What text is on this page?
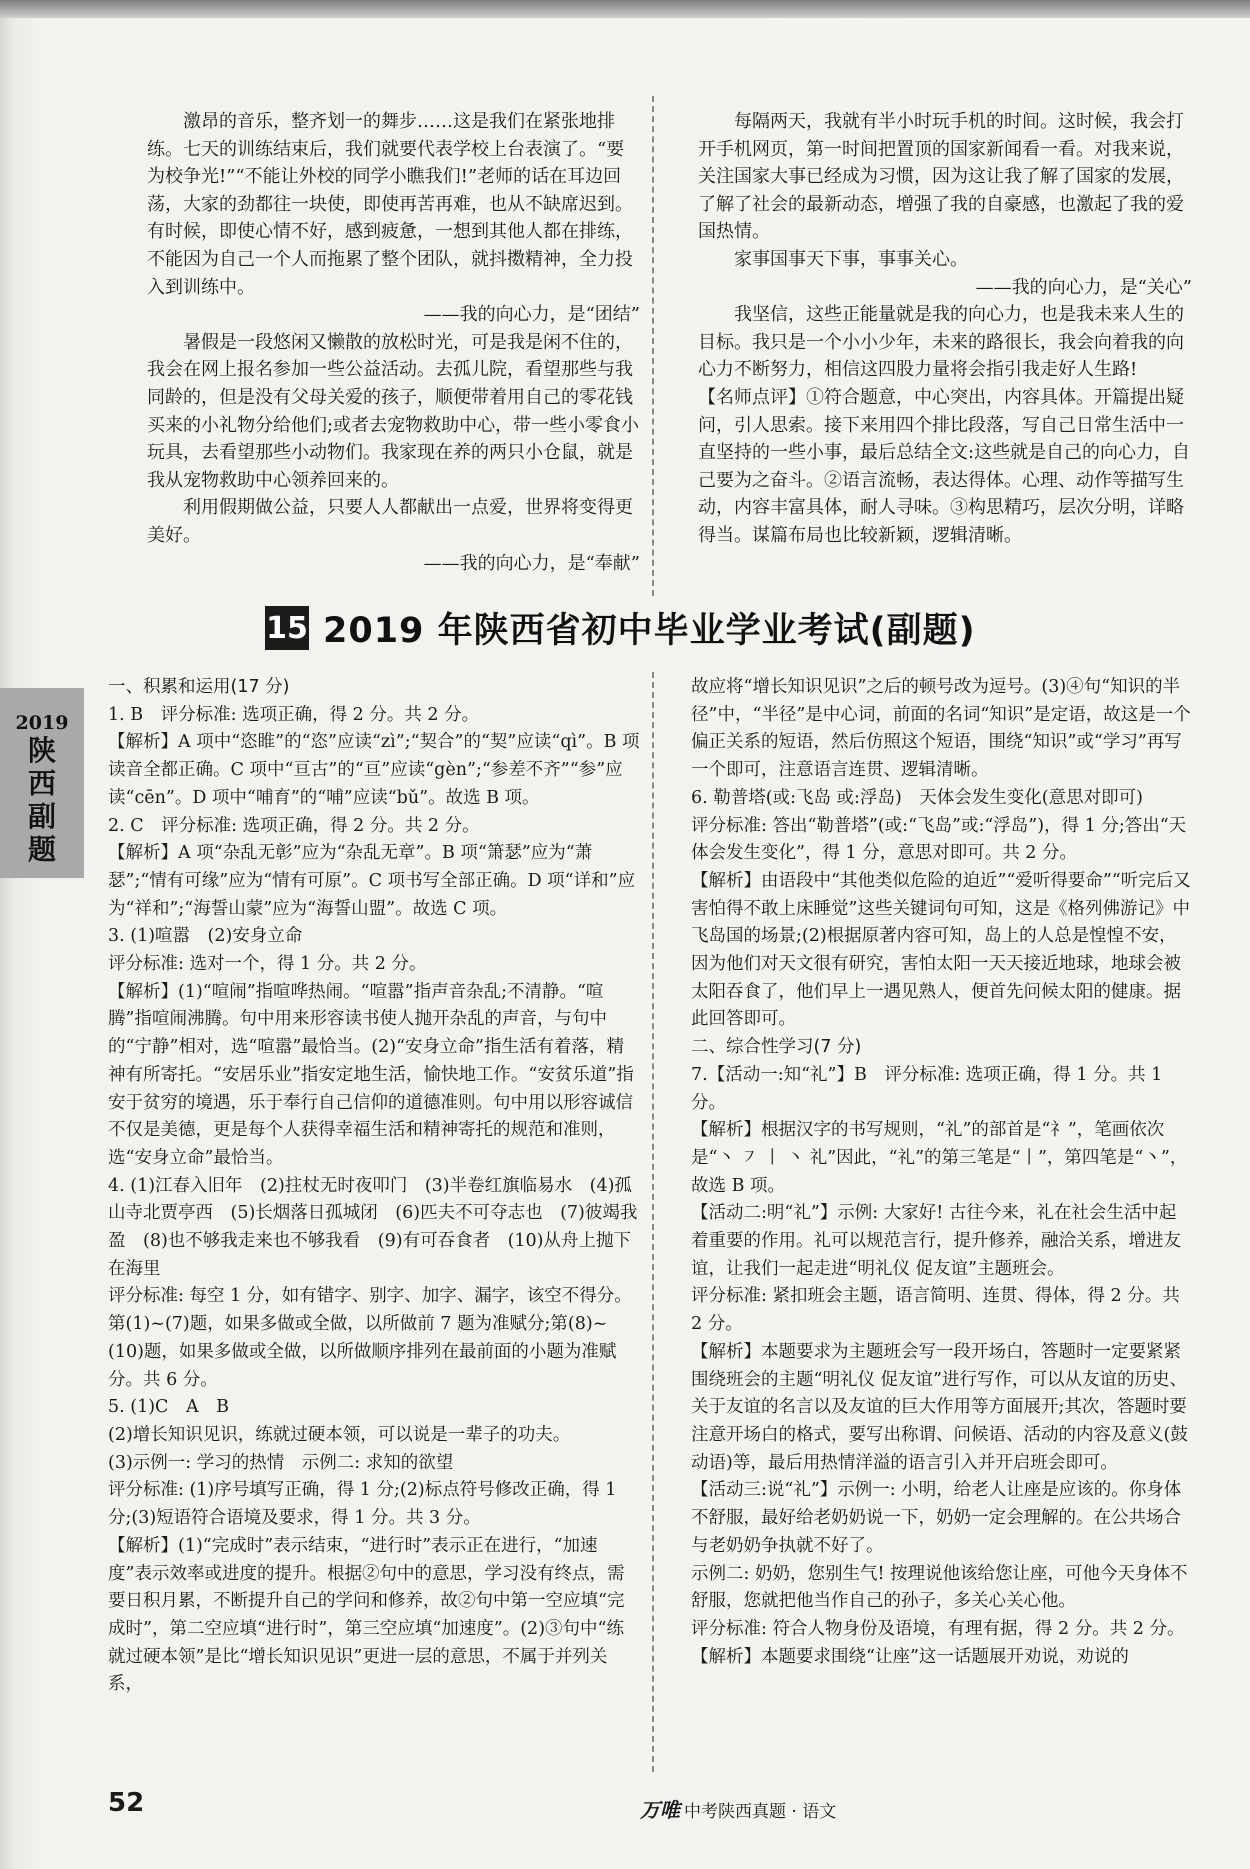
2019
陕西副题

激昂的音乐，整齐划一的舞步……这是我们在紧张地排练。七天的训练结束后，我们就要代表学校上台表演了。“要为校争光!”“不能让外校的同学小瞧我们!”老师的话在耳边回荡，大家的劲都往一块使，即使再苦再难，也从不缺席迟到。有时候，即使心情不好，感到疲惫，一想到其他人都在排练，不能因为自己一个人而拖累了整个团队，就抖擞精神，全力投入到训练中。

——我的向心力，是“团结”

暑假是一段悠闲又懒散的放松时光，可是我是闲不住的，我会在网上报名参加一些公益活动。去孤儿院，看望那些与我同龄的，但是没有父母关爱的孩子，顺便带着用自己的零花钱买来的小礼物分给他们;或者去宠物救助中心，带一些小零食小玩具，去看望那些小动物们。我家现在养的两只小仓鼠，就是我从宠物救助中心领养回来的。

利用假期做公益，只要人人都献出一点爱，世界将变得更美好。

——我的向心力，是“奉献”

每隔两天，我就有半小时玩手机的时间。这时候，我会打开手机网页，第一时间把置顶的国家新闻看一看。对我来说，关注国家大事已经成为习惯，因为这让我了解了国家的发展，了解了社会的最新动态，增强了我的自豪感，也激起了我的爱国热情。

家事国事天下事，事事关心。

——我的向心力，是“关心”

我坚信，这些正能量就是我的向心力，也是我未来人生的目标。我只是一个小小少年，未来的路很长，我会向着我的向心力不断努力，相信这四股力量将会指引我走好人生路!

【名师点评】①符合题意，中心突出，内容具体。开篇提出疑问，引人思索。接下来用四个排比段落，写自己日常生活中一直坚持的一些小事，最后总结全文:这些就是自己的向心力，自己要为之奋斗。②语言流畅，表达得体。心理、动作等描写生动，内容丰富具体，耐人寻味。③构思精巧，层次分明，详略得当。谋篇布局也比较新颖，逻辑清晰。

15 2019 年陕西省初中毕业学业考试(副题)

一、积累和运用(17 分)

1. B　评分标准: 选项正确，得 2 分。共 2 分。

【解析】A 项中“恣睢”的“恣”应读“zì”;“契合”的“契”应读“qì”。B 项读音全都正确。C 项中“亘古”的“亘”应读“gèn”;“参差不齐”“参”应读“cēn”。D 项中“哺育”的“哺”应读“bǔ”。故选 B 项。

2. C　评分标准: 选项正确，得 2 分。共 2 分。

【解析】A 项“杂乱无彰”应为“杂乱无章”。B 项“箫瑟”应为“萧瑟”;“情有可缘”应为“情有可原”。C 项书写全部正确。D 项“详和”应为“祥和”;“海誓山蒙”应为“海誓山盟”。故选 C 项。

3. (1)喧嚣　(2)安身立命

评分标准: 选对一个，得 1 分。共 2 分。

【解析】(1)“喧闹”指喧哗热闹。“喧嚣”指声音杂乱;不清静。“喧腾”指喧闹沸腾。句中用来形容读书使人抛开杂乱的声音，与句中的“宁静”相对，选“喧嚣”最恰当。(2)“安身立命”指生活有着落，精神有所寄托。“安居乐业”指安定地生活，愉快地工作。“安贫乐道”指安于贫穷的境遇，乐于奉行自己信仰的道德准则。句中用以形容诚信不仅是美德，更是每个人获得幸福生活和精神寄托的规范和准则，选“安身立命”最恰当。

4. (1)江春入旧年　(2)拄杖无时夜叩门　(3)半卷红旗临易水　(4)孤山寺北贾亭西　(5)长烟落日孤城闭　(6)匹夫不可夺志也　(7)彼竭我盈　(8)也不够我走来也不够我看　(9)有可吞食者　(10)从舟上抛下在海里

评分标准: 每空 1 分，如有错字、别字、加字、漏字，该空不得分。第(1)~(7)题，如果多做或全做，以所做前 7 题为准赋分;第(8)~(10)题，如果多做或全做，以所做顺序排列在最前面的小题为准赋分。共 6 分。

5. (1)C　A　B

(2)增长知识见识，练就过硬本领，可以说是一辈子的功夫。

(3)示例一: 学习的热情　示例二: 求知的欲望

评分标准: (1)序号填写正确，得 1 分;(2)标点符号修改正确，得 1 分;(3)短语符合语境及要求，得 1 分。共 3 分。

【解析】(1)“完成时”表示结束，“进行时”表示正在进行，“加速度”表示效率或进度的提升。根据②句中的意思，学习没有终点，需要日积月累，不断提升自己的学问和修养，故②句中第一空应填“完成时”，第二空应填“进行时”，第三空应填“加速度”。(2)③句中“练就过硬本领”是比“增长知识见识”更进一层的意思，不属于并列关系，

故应将“增长知识见识”之后的顿号改为逗号。(3)④句“知识的半径”中，“半径”是中心词，前面的名词“知识”是定语，故这是一个偏正关系的短语，然后仿照这个短语，围绕“知识”或“学习”再写一个即可，注意语言连贯、逻辑清晰。

6. 勒普塔(或:飞岛 或:浮岛)　天体会发生变化(意思对即可)

评分标准: 答出“勒普塔”(或:“飞岛”或:“浮岛”)，得 1 分;答出“天体会发生变化”，得 1 分，意思对即可。共 2 分。

【解析】由语段中“其他类似危险的迫近”“爱听得要命”“听完后又害怕得不敢上床睡觉”这些关键词句可知，这是《格列佛游记》中飞岛国的场景;(2)根据原著内容可知，岛上的人总是惶惶不安，因为他们对天文很有研究，害怕太阳一天天接近地球，地球会被太阳吞食了，他们早上一遇见熟人，便首先问候太阳的健康。据此回答即可。

二、综合性学习(7 分)

7.【活动一:知“礼”】B　评分标准: 选项正确，得 1 分。共 1 分。

【解析】根据汉字的书写规则，“礼”的部首是“礻”，笔画依次是“丶 ㇇ 丨 丶 礼”因此，“礼”的第三笔是“丨”，第四笔是“丶”，故选 B 项。

【活动二:明“礼”】示例: 大家好! 古往今来，礼在社会生活中起着重要的作用。礼可以规范言行，提升修养，融洽关系，增进友谊，让我们一起走进“明礼仪 促友谊”主题班会。

评分标准: 紧扣班会主题，语言简明、连贯、得体，得 2 分。共 2 分。

【解析】本题要求为主题班会写一段开场白，答题时一定要紧紧围绕班会的主题“明礼仪 促友谊”进行写作，可以从友谊的历史、关于友谊的名言以及友谊的巨大作用等方面展开;其次，答题时要注意开场白的格式，要写出称谓、问候语、活动的内容及意义(鼓动语)等，最后用热情洋溢的语言引入并开启班会即可。

【活动三:说“礼”】示例一: 小明，给老人让座是应该的。你身体不舒服，最好给老奶奶说一下，奶奶一定会理解的。在公共场合与老奶奶争执就不好了。

示例二: 奶奶，您别生气! 按理说他该给您让座，可他今天身体不舒服，您就把他当作自己的孙子，多关心关心他。

评分标准: 符合人物身份及语境，有理有据，得 2 分。共 2 分。

【解析】本题要求围绕“让座”这一话题展开劝说，劝说的

52	万唯 中考陕西真题 · 语文
